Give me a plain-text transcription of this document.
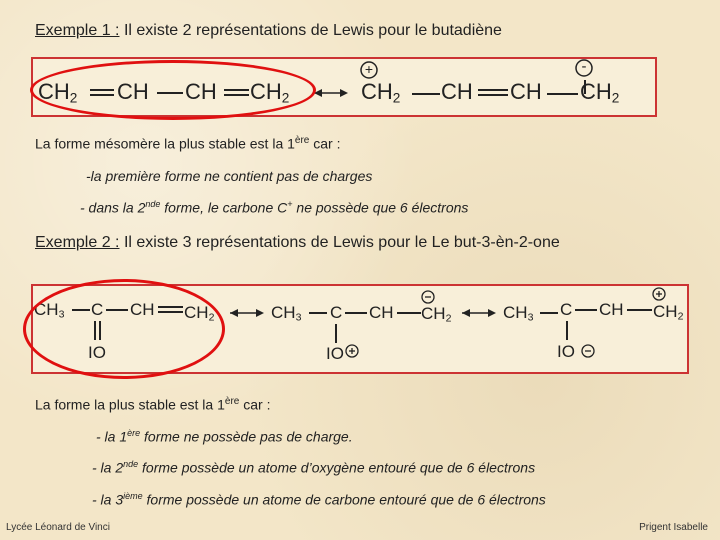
Exemple 1 : Il existe 2 représentations de Lewis pour le butadiène
$CH_2$ CH CH $CH_2$
+	-
$CH_2$ CH CH $CH_2$
La forme mésomère la plus stable est la 1ère car :
-la première forme ne contient pas de charges
- dans la 2nde forme, le carbone C+ ne possède que 6 électrons
Exemple 2 : Il existe 3 représentations de Lewis pour le Le but-3-èn-2-one
$CH_3$ C CH $CH_2$
IO
$CH_3$ C CH $CH_2$
IO
$CH_3$ C CH $CH_2$
IO
La forme la plus stable est la 1ère car :
- la 1ère forme ne possède pas de charge.
- la 2nde forme possède un atome d’oxygène entouré que de 6 électrons
- la 3ième forme possède un atome de carbone entouré que de 6 électrons
Lycée Léonard de Vinci	Prigent Isabelle
